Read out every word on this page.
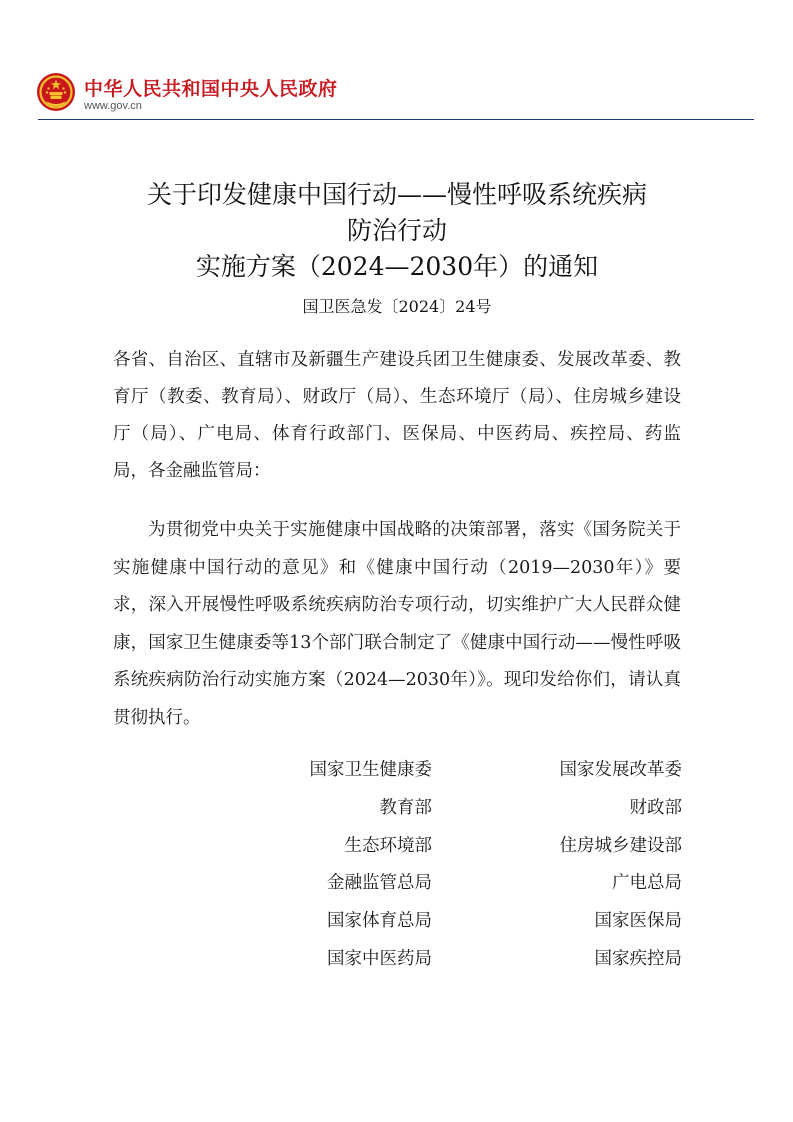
中华人民共和国中央人民政府
www.gov.cn
关于印发健康中国行动——慢性呼吸系统疾病
防治行动
实施方案（2024—2030年）的通知

国卫医急发〔2024〕24号

各省、自治区、直辖市及新疆生产建设兵团卫生健康委、发展改革委、教育厅（教委、教育局）、财政厅（局）、生态环境厅（局）、住房城乡建设厅（局）、广电局、体育行政部门、医保局、中医药局、疾控局、药监局，各金融监管局：

为贯彻党中央关于实施健康中国战略的决策部署，落实《国务院关于实施健康中国行动的意见》和《健康中国行动（2019—2030年）》要求，深入开展慢性呼吸系统疾病防治专项行动，切实维护广大人民群众健康，国家卫生健康委等13个部门联合制定了《健康中国行动——慢性呼吸系统疾病防治行动实施方案（2024—2030年）》。现印发给你们，请认真贯彻执行。

国家卫生健康委	国家发展改革委
教育部	财政部
生态环境部	住房城乡建设部
金融监管总局	广电总局
国家体育总局	国家医保局
国家中医药局	国家疾控局
